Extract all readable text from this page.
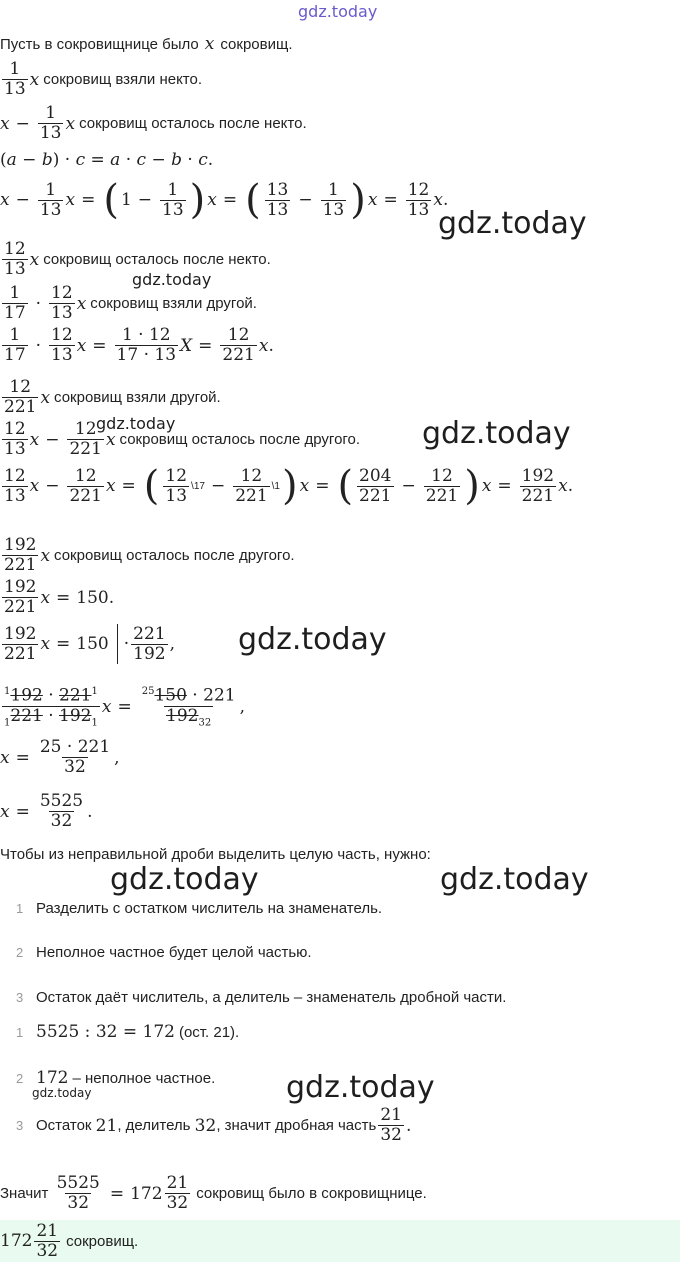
gdz.today
Пусть в сокровищнице было x сокровищ.
1
13 x сокровищ взяли некто.
$x - \frac{1}{13}$ x сокровищ осталось после некто.
( a − b ) · c = a · c − b · c .
$x - \frac{1}{13}$ x = ( $1 - \frac{1}{13}$ ) x = ( 13
$13 - \frac{1}{13}$ ) $x = \frac{12}{13}$ x .
gdz.today
12
13 x сокровищ осталось после некто.
gdz.today
1
17 ·
12
13 x сокровищ взяли другой.
1
17 ·
12
13 $x = \frac{1 \cdot 12}{17 \cdot 13}$ $X = \frac{12}{221}$ x .
12
221 x сокровищ взяли другой.
gdz.today
12
13 $x - \frac{12}{221}$ x сокровищ осталось после другого. gdz.today
12
13 $x - \frac{12}{221}$ x = ( 12
13 \17 − $\frac{12}{221}$ \1 ) x = ( 204
$221 - \frac{12}{221}$ ) $x = \frac{192}{221}$ x .
192
221 x сокровищ осталось после другого.
192
221 x = 150 .
192
221 x = 150 ·
221
192 , gdz.today
$^1192 \cdot 221^1$
$_1221 \cdot 192_1$
$x = \frac{^{25}150 \cdot 221}{192_{32}}$ ,
$x = \frac{25 \cdot 221}{32}$ ,
$x = \frac{5525}{32}$ .
Чтобы из неправильной дроби выделить целую часть, нужно:
gdz.today	gdz.today
1 Разделить с остатком числитель на знаменатель.
2 Неполное частное будет целой частью.
3 Остаток даёт числитель, а делитель – знаменатель дробной части.
1 5525 : 32 = 172 (ост. 21).
2 172 – неполное частное.
gdz.today	gdz.today
3 Остаток
21 , делитель
32 , значит дробная часть
21
32 .
Значит
$\frac{5525}{32} = 172$
21
32 сокровищ было в сокровищнице.
172
21
32 сокровищ.
